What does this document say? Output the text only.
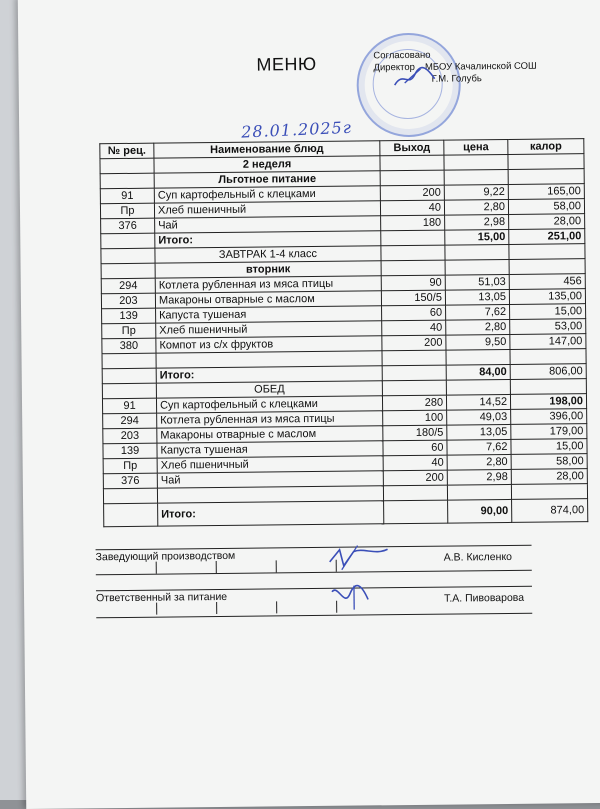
МЕНЮ	Согласовано
Директор МБОУ Качалинской СОШ
Г.М. Голубь
28.01.2025г
№ рец.	Наименование блюд	Выход	цена	калор
	2 неделя			
	Льготное питание			
91	Суп картофельный с клецками	200	9,22	165,00
Пр	Хлеб пшеничный	40	2,80	58,00
376	Чай	180	2,98	28,00
	Итого:		15,00	251,00
	ЗАВТРАК 1-4 класс			
	вторник			
294	Котлета рубленная из мяса птицы	90	51,03	456
203	Макароны отварные с маслом	150/5	13,05	135,00
139	Капуста тушеная	60	7,62	15,00
Пр	Хлеб пшеничный	40	2,80	53,00
380	Компот из с/х фруктов	200	9,50	147,00

	Итого:		84,00	806,00
	ОБЕД			
91	Суп картофельный с клецками	280	14,52	198,00
294	Котлета рубленная из мяса птицы	100	49,03	396,00
203	Макароны отварные с маслом	180/5	13,05	179,00
139	Капуста тушеная	60	7,62	15,00
Пр	Хлеб пшеничный	40	2,80	58,00
376	Чай	200	2,98	28,00

	Итого:		90,00	874,00
Заведующий производством	А.В. Кисленко
Ответственный за питание	Т.А. Пивоварова
